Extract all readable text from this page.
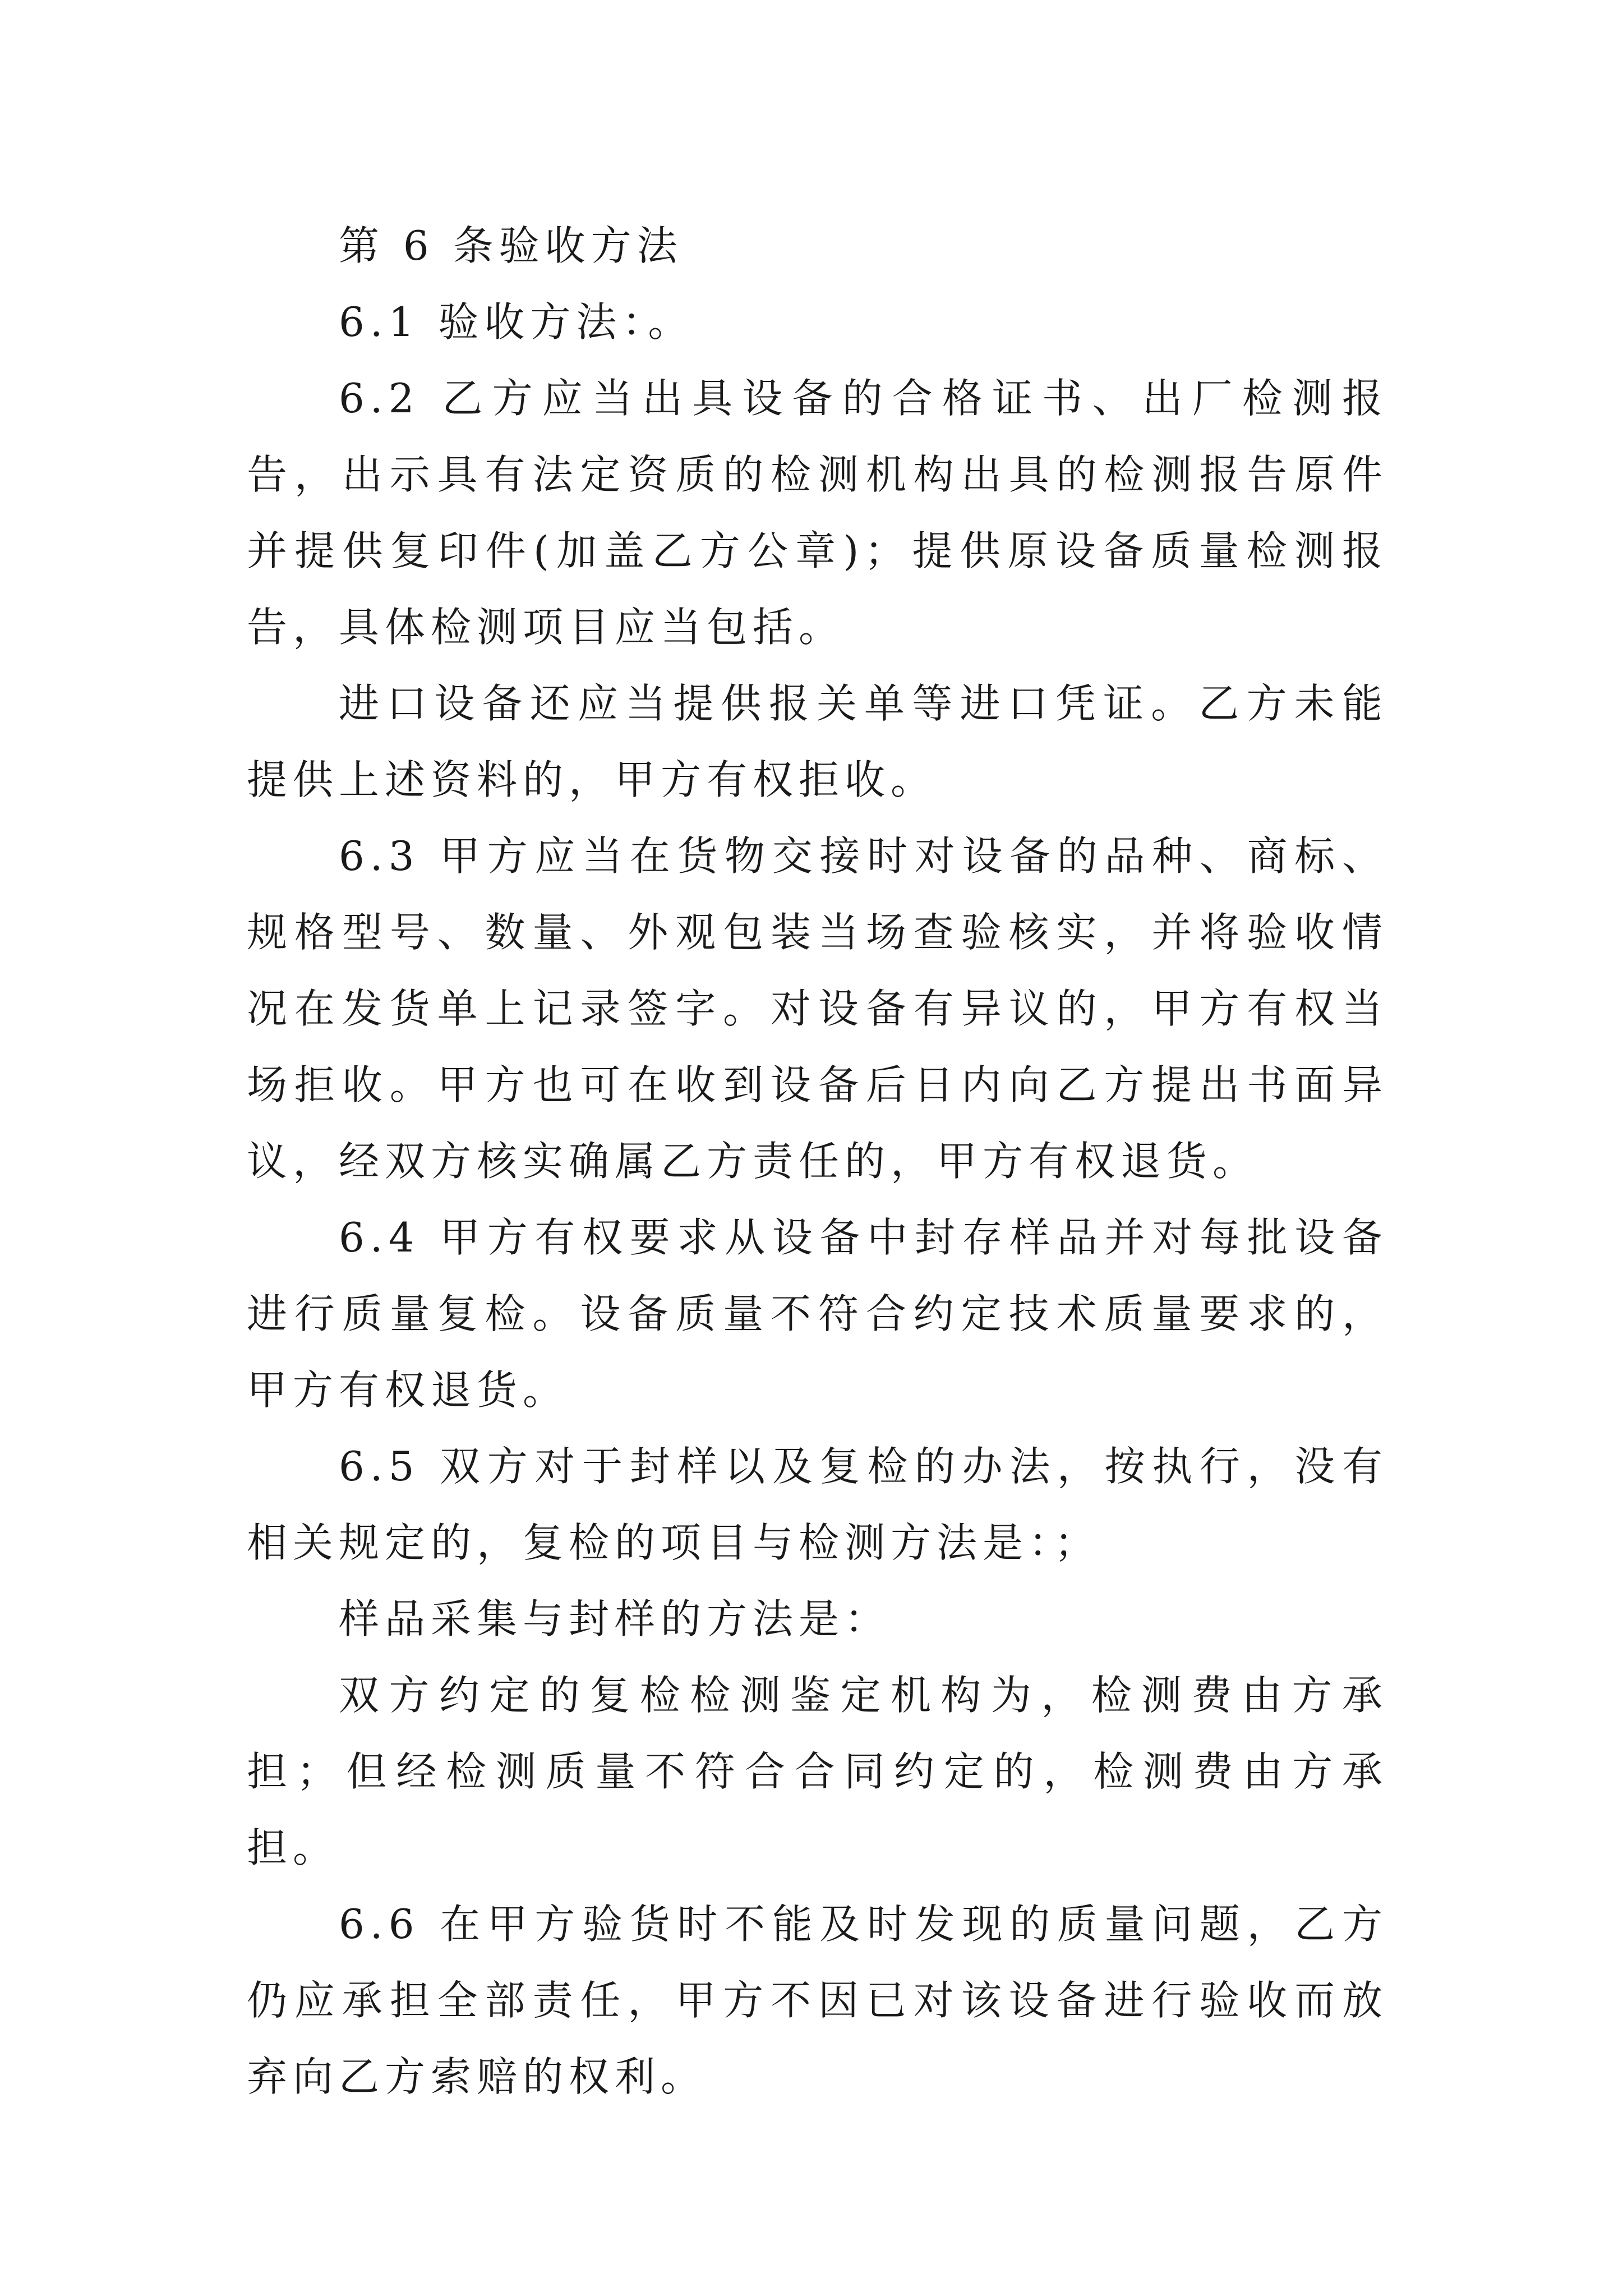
第 6 条验收方法

6.1 验收方法：。

6.2 乙方应当出具设备的合格证书、出厂检测报告，出示具有法定资质的检测机构出具的检测报告原件并提供复印件(加盖乙方公章)；提供原设备质量检测报告，具体检测项目应当包括。

进口设备还应当提供报关单等进口凭证。乙方未能提供上述资料的，甲方有权拒收。

6.3 甲方应当在货物交接时对设备的品种、商标、规格型号、数量、外观包装当场查验核实，并将验收情况在发货单上记录签字。对设备有异议的，甲方有权当场拒收。甲方也可在收到设备后日内向乙方提出书面异议，经双方核实确属乙方责任的，甲方有权退货。

6.4 甲方有权要求从设备中封存样品并对每批设备进行质量复检。设备质量不符合约定技术质量要求的，甲方有权退货。

6.5 双方对于封样以及复检的办法，按执行，没有相关规定的，复检的项目与检测方法是：；

样品采集与封样的方法是：

双方约定的复检检测鉴定机构为，检测费由方承担；但经检测质量不符合合同约定的，检测费由方承担。

6.6 在甲方验货时不能及时发现的质量问题，乙方仍应承担全部责任，甲方不因已对该设备进行验收而放弃向乙方索赔的权利。
